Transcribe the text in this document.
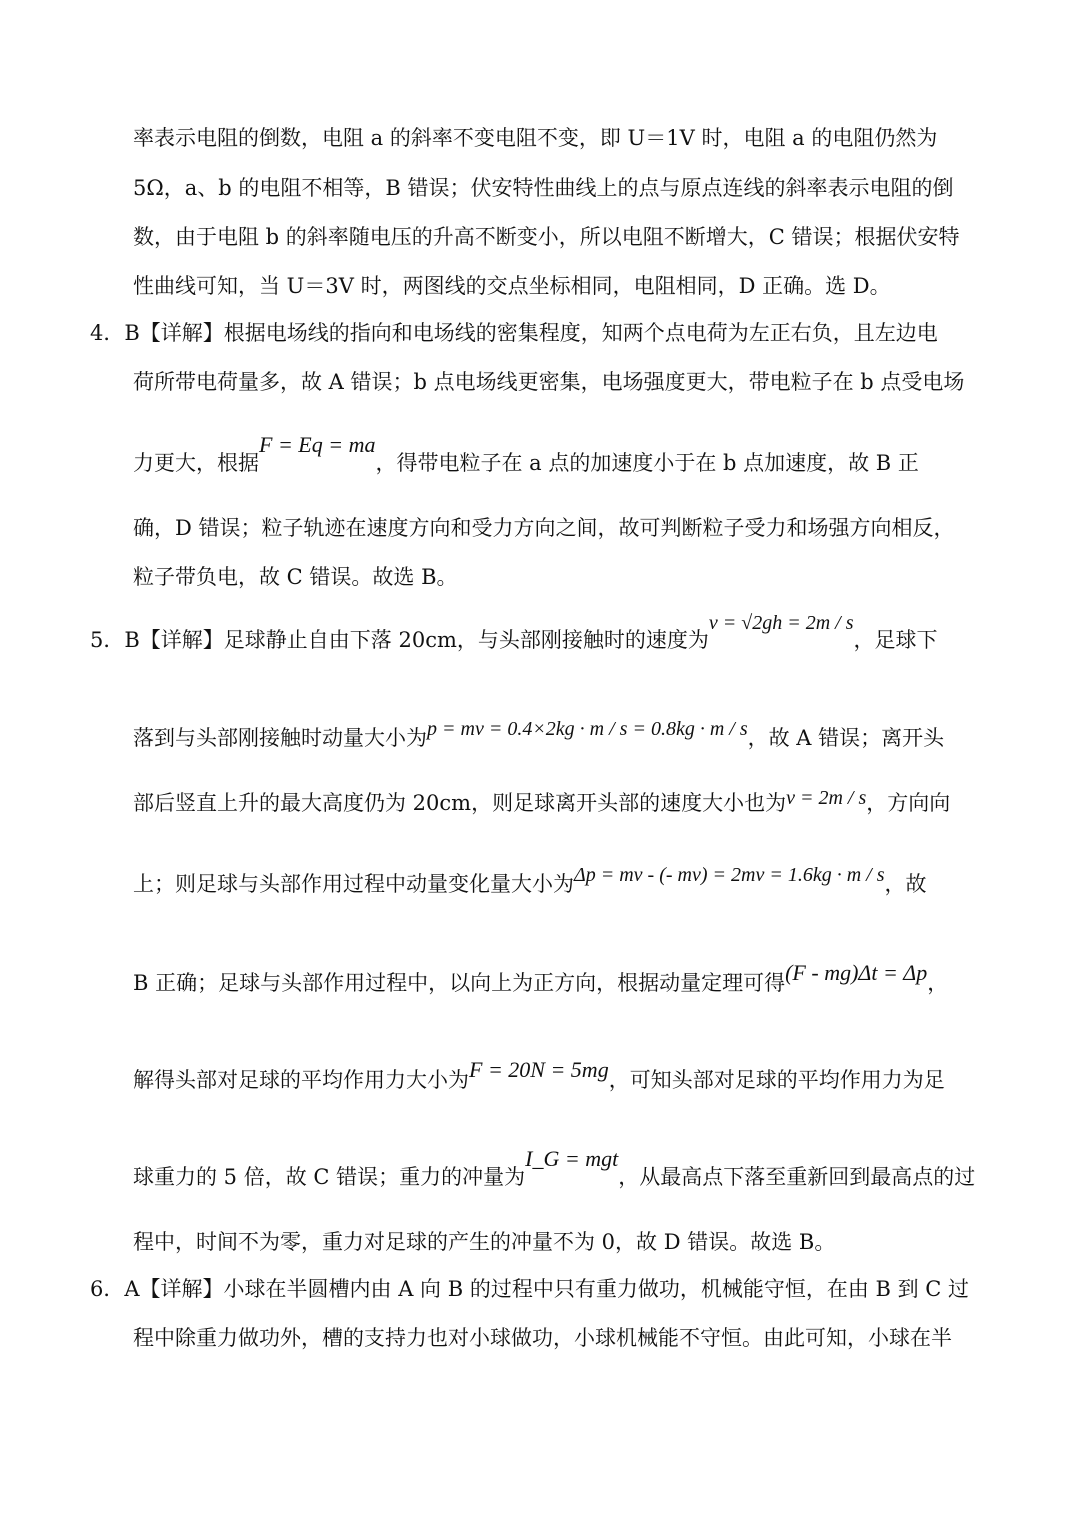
率表示电阻的倒数，电阻 a 的斜率不变电阻不变，即 U＝1V 时，电阻 a 的电阻仍然为
5Ω，a、b 的电阻不相等，B 错误；伏安特性曲线上的点与原点连线的斜率表示电阻的倒
数，由于电阻 b 的斜率随电压的升高不断变小，所以电阻不断增大，C 错误；根据伏安特
性曲线可知，当 U＝3V 时，两图线的交点坐标相同，电阻相同，D 正确。选 D。
4．B【详解】根据电场线的指向和电场线的密集程度，知两个点电荷为左正右负，且左边电
荷所带电荷量多，故 A 错误；b 点电场线更密集，电场强度更大，带电粒子在 b 点受电场
力更大，根据F = Eq = ma，得带电粒子在 a 点的加速度小于在 b 点加速度，故 B 正
确，D 错误；粒子轨迹在速度方向和受力方向之间，故可判断粒子受力和场强方向相反，
粒子带负电，故 C 错误。故选 B。
5．B【详解】足球静止自由下落 20cm，与头部刚接触时的速度为v = √2gh = 2m / s，足球下
落到与头部刚接触时动量大小为p = mv = 0.4×2kg · m / s = 0.8kg · m / s，故 A 错误；离开头
部后竖直上升的最大高度仍为 20cm，则足球离开头部的速度大小也为v = 2m / s，方向向
上；则足球与头部作用过程中动量变化量大小为Δp = mv - (- mv) = 2mv = 1.6kg · m / s，故
B 正确；足球与头部作用过程中，以向上为正方向，根据动量定理可得(F - mg)Δt = Δp，
解得头部对足球的平均作用力大小为F = 20N = 5mg，可知头部对足球的平均作用力为足
球重力的 5 倍，故 C 错误；重力的冲量为I_G = mgt，从最高点下落至重新回到最高点的过
程中，时间不为零，重力对足球的产生的冲量不为 0，故 D 错误。故选 B。
6．A【详解】小球在半圆槽内由 A 向 B 的过程中只有重力做功，机械能守恒，在由 B 到 C 过
程中除重力做功外，槽的支持力也对小球做功，小球机械能不守恒。由此可知，小球在半
